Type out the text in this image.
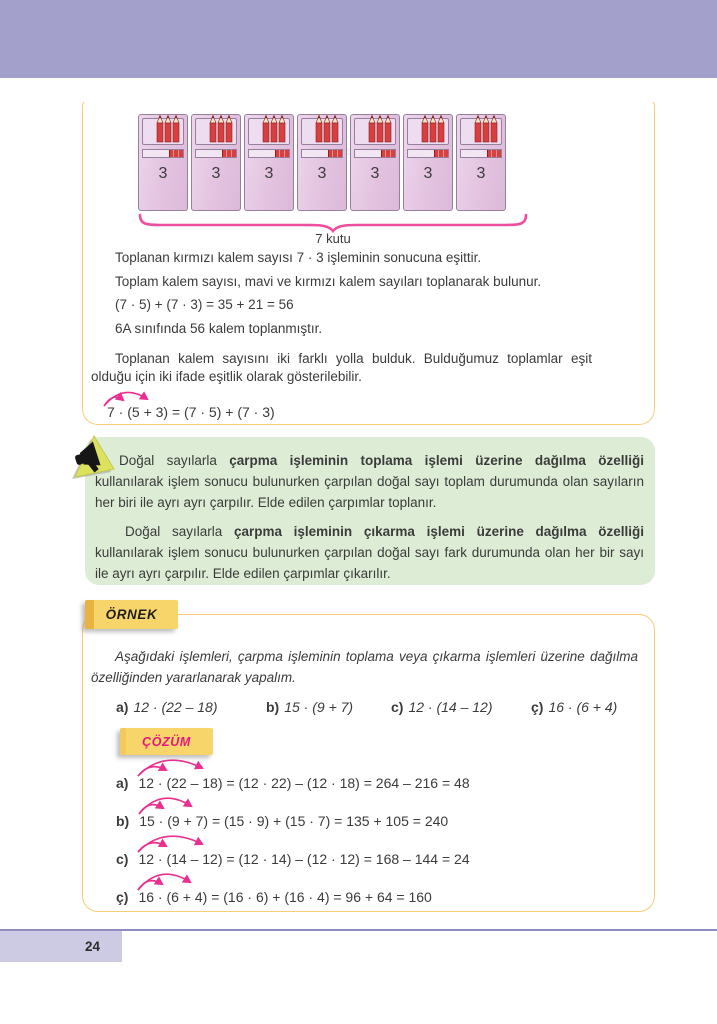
3	3	3	3	3	3	3
7 kutu

Toplanan kırmızı kalem sayısı 7 · 3 işleminin sonucuna eşittir.

Toplam kalem sayısı, mavi ve kırmızı kalem sayıları toplanarak bulunur.

(7 · 5) + (7 · 3) = 35 + 21 = 56

6A sınıfında 56 kalem toplanmıştır.

Toplanan kalem sayısını iki farklı yolla bulduk. Bulduğumuz toplamlar eşit olduğu için iki ifade eşitlik olarak gösterilebilir.

7 · (5 + 3) = (7 · 5) + (7 · 3)

Doğal sayılarla çarpma işleminin toplama işlemi üzerine dağılma özelliği kullanılarak işlem sonucu bulunurken çarpılan doğal sayı toplam durumunda olan sayıların her biri ile ayrı ayrı çarpılır. Elde edilen çarpımlar toplanır.

Doğal sayılarla çarpma işleminin çıkarma işlemi üzerine dağılma özelliği kullanılarak işlem sonucu bulunurken çarpılan doğal sayı fark durumunda olan her bir sayı ile ayrı ayrı çarpılır. Elde edilen çarpımlar çıkarılır.

ÖRNEK

Aşağıdaki işlemleri, çarpma işleminin toplama veya çıkarma işlemleri üzerine dağılma özelliğinden yararlanarak yapalım.

a) 12 · (22 – 18)	b) 15 · (9 + 7)	c) 12 · (14 – 12)	ç) 16 · (6 + 4)
ÇÖZÜM
a) 12 · (22 – 18) = (12 · 22) – (12 · 18) = 264 – 216 = 48
b) 15 · (9 + 7) = (15 · 9) + (15 · 7) = 135 + 105 = 240
c) 12 · (14 – 12) = (12 · 14) – (12 · 12) = 168 – 144 = 24
ç) 16 · (6 + 4) = (16 · 6) + (16 · 4) = 96 + 64 = 160
24
